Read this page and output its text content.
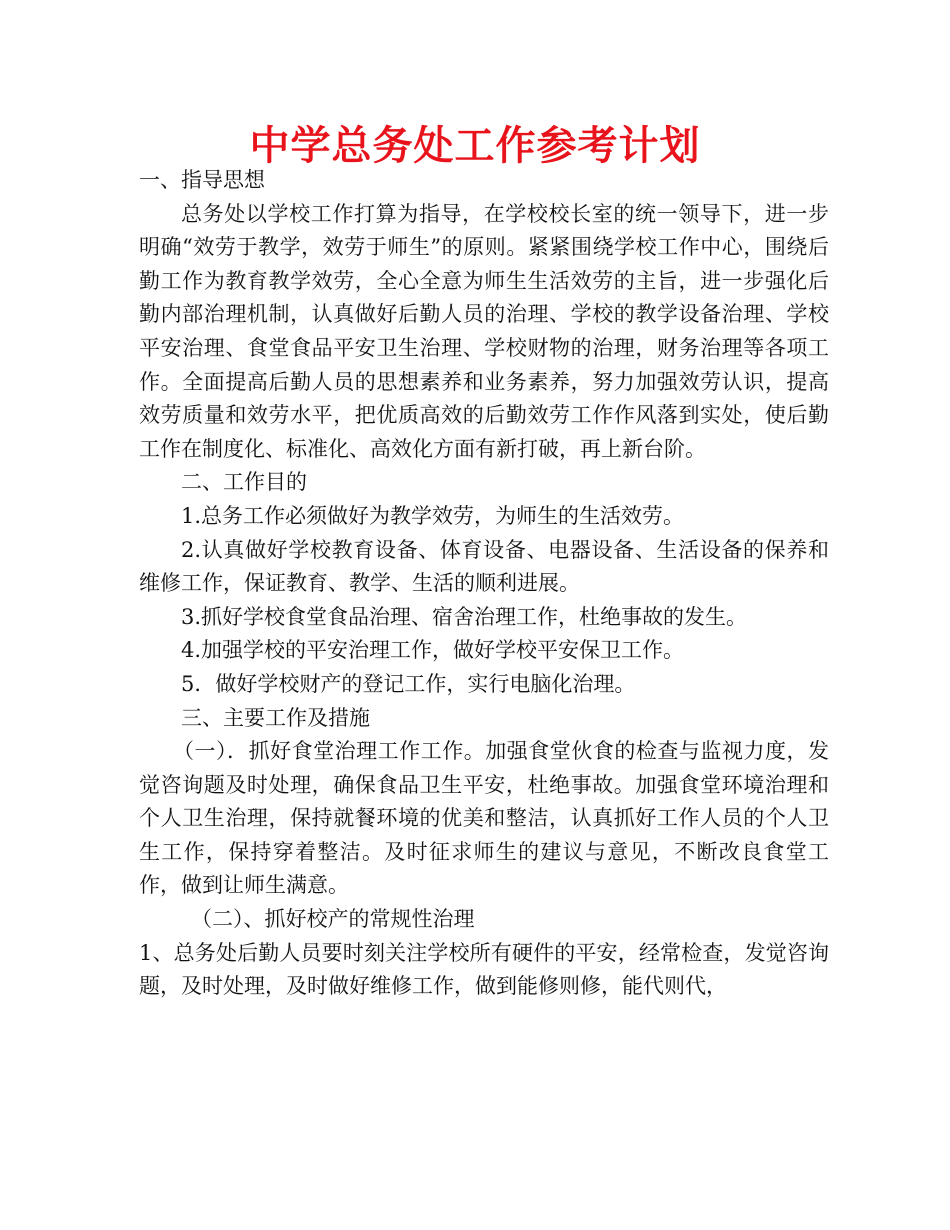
中学总务处工作参考计划

一、指导思想

总务处以学校工作打算为指导，在学校校长室的统一领导下，进一步明确“效劳于教学，效劳于师生”的原则。紧紧围绕学校工作中心，围绕后勤工作为教育教学效劳，全心全意为师生生活效劳的主旨，进一步强化后勤内部治理机制，认真做好后勤人员的治理、学校的教学设备治理、学校平安治理、食堂食品平安卫生治理、学校财物的治理，财务治理等各项工作。全面提高后勤人员的思想素养和业务素养，努力加强效劳认识，提高效劳质量和效劳水平，把优质高效的后勤效劳工作作风落到实处，使后勤工作在制度化、标准化、高效化方面有新打破，再上新台阶。

二、工作目的

1.总务工作必须做好为教学效劳，为师生的生活效劳。

2.认真做好学校教育设备、体育设备、电器设备、生活设备的保养和维修工作，保证教育、教学、生活的顺利进展。

3.抓好学校食堂食品治理、宿舍治理工作，杜绝事故的发生。

4.加强学校的平安治理工作，做好学校平安保卫工作。

5．做好学校财产的登记工作，实行电脑化治理。

三、主要工作及措施

（一）．抓好食堂治理工作工作。加强食堂伙食的检查与监视力度，发觉咨询题及时处理，确保食品卫生平安，杜绝事故。加强食堂环境治理和个人卫生治理，保持就餐环境的优美和整洁，认真抓好工作人员的个人卫生工作，保持穿着整洁。及时征求师生的建议与意见，不断改良食堂工作，做到让师生满意。

（二）、抓好校产的常规性治理

1、总务处后勤人员要时刻关注学校所有硬件的平安，经常检查，发觉咨询题，及时处理，及时做好维修工作，做到能修则修，能代则代，
